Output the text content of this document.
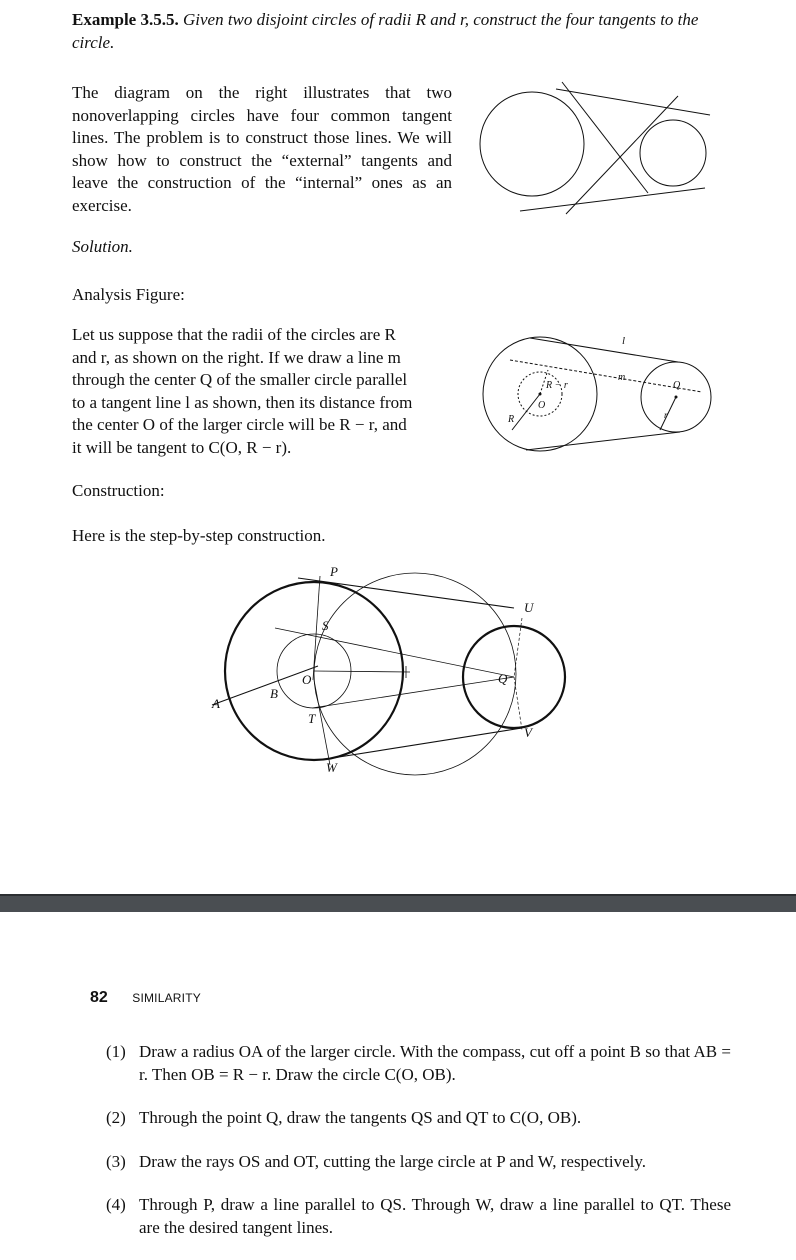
Example 3.5.5. Given two disjoint circles of radii R and r, construct the four tangents to the circle.
The diagram on the right illustrates that two nonoverlapping circles have four common tangent lines. The problem is to construct those lines. We will show how to construct the “external” tangents and leave the construction of the “internal” ones as an exercise.
Solution.
Analysis Figure:
Let us suppose that the radii of the circles are R
and r, as shown on the right. If we draw a line m
through the center Q of the smaller circle parallel
to a tangent line l as shown, then its distance from
the center O of the larger circle will be R − r, and
it will be tangent to C(O, R − r).
l
m
Q
R − r
O
R	r
Construction:
Here is the step-by-step construction.
P
U
S
O	Q
A
B
T
V
W
82 SIMILARITY
(1) Draw a radius OA of the larger circle. With the compass, cut off a point B so that AB = r. Then OB = R − r. Draw the circle C(O, OB).
(2) Through the point Q, draw the tangents QS and QT to C(O, OB).
(3) Draw the rays OS and OT, cutting the large circle at P and W, respectively.
(4) Through P, draw a line parallel to QS. Through W, draw a line parallel to QT. These are the desired tangent lines.
